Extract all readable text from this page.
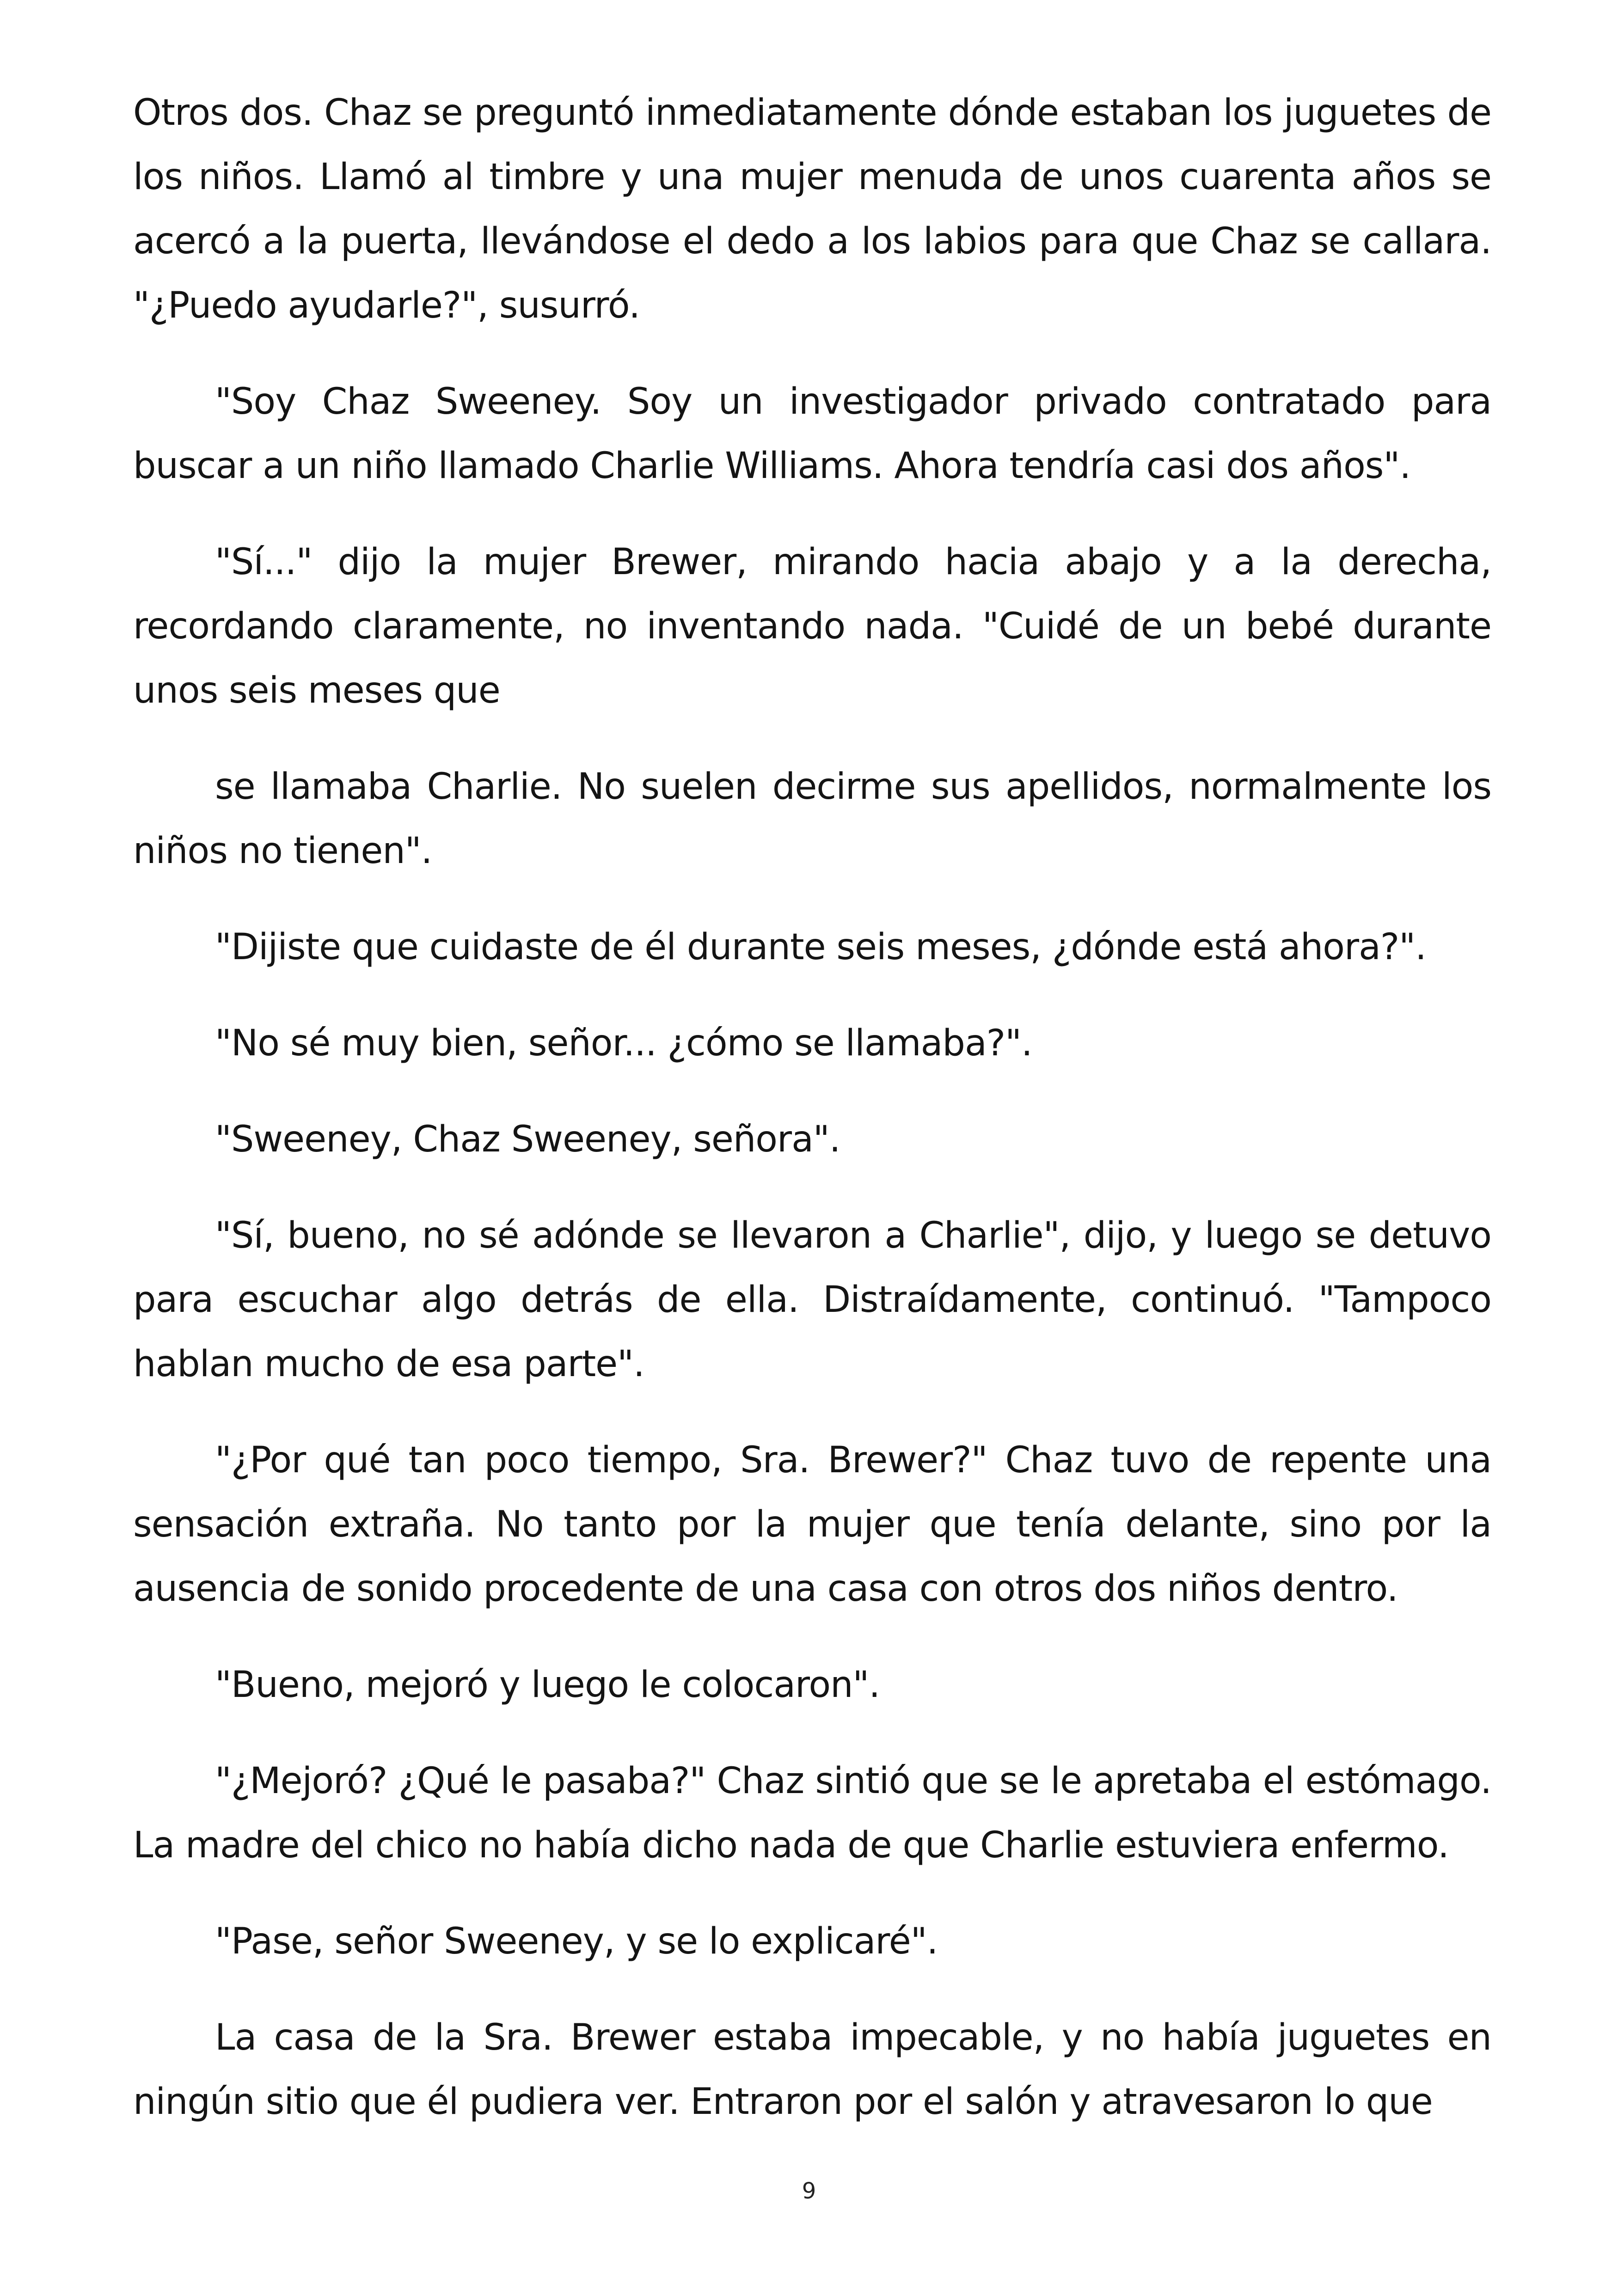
Otros dos. Chaz se preguntó inmediatamente dónde estaban los juguetes de los niños. Llamó al timbre y una mujer menuda de unos cuarenta años se acercó a la puerta, llevándose el dedo a los labios para que Chaz se callara. "¿Puedo ayudarle?", susurró.

"Soy Chaz Sweeney. Soy un investigador privado contratado para buscar a un niño llamado Charlie Williams. Ahora tendría casi dos años".

"Sí..." dijo la mujer Brewer, mirando hacia abajo y a la derecha, recordando claramente, no inventando nada. "Cuidé de un bebé durante unos seis meses que

se llamaba Charlie. No suelen decirme sus apellidos, normalmente los niños no tienen".

"Dijiste que cuidaste de él durante seis meses, ¿dónde está ahora?".

"No sé muy bien, señor... ¿cómo se llamaba?".

"Sweeney, Chaz Sweeney, señora".

"Sí, bueno, no sé adónde se llevaron a Charlie", dijo, y luego se detuvo para escuchar algo detrás de ella. Distraídamente, continuó. "Tampoco hablan mucho de esa parte".

"¿Por qué tan poco tiempo, Sra. Brewer?" Chaz tuvo de repente una sensación extraña. No tanto por la mujer que tenía delante, sino por la ausencia de sonido procedente de una casa con otros dos niños dentro.

"Bueno, mejoró y luego le colocaron".

"¿Mejoró? ¿Qué le pasaba?" Chaz sintió que se le apretaba el estómago. La madre del chico no había dicho nada de que Charlie estuviera enfermo.

"Pase, señor Sweeney, y se lo explicaré".

La casa de la Sra. Brewer estaba impecable, y no había juguetes en ningún sitio que él pudiera ver. Entraron por el salón y atravesaron lo que

9
